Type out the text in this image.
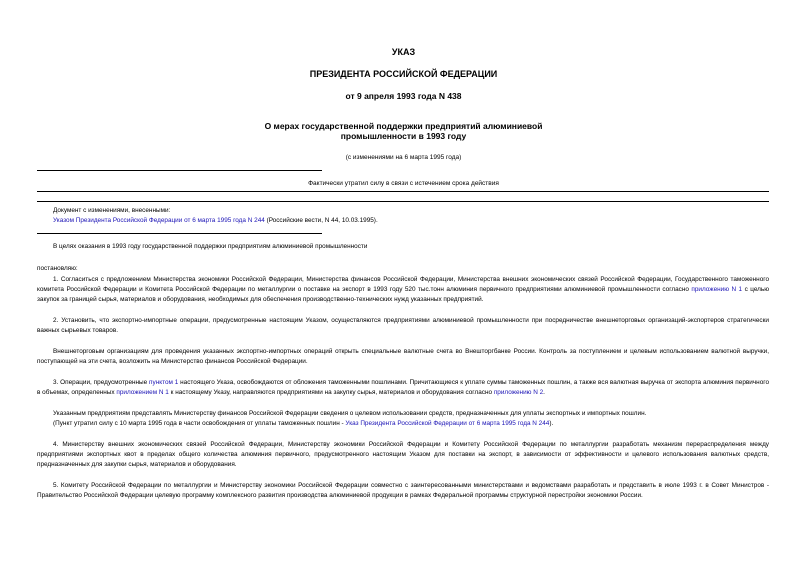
УКАЗ
ПРЕЗИДЕНТА РОССИЙСКОЙ ФЕДЕРАЦИИ
от 9 апреля 1993 года N 438
О мерах государственной поддержки предприятий алюминиевой
промышленности в 1993 году
(с изменениями на 6 марта 1995 года)
Фактически утратил силу в связи с истечением срока действия
Документ с изменениями, внесенными:
Указом Президента Российской Федерации от 6 марта 1995 года N 244 (Российские вести, N 44, 10.03.1995).
В целях оказания в 1993 году государственной поддержки предприятиям алюминиевой промышленности
постановляю:
1. Согласиться с предложением Министерства экономики Российской Федерации, Министерства финансов Российской Федерации, Министерства внешних экономических связей Российской Федерации, Государственного таможенного комитета Российской Федерации и Комитета Российской Федерации по металлургии о поставке на экспорт в 1993 году 520 тыс.тонн алюминия первичного предприятиями алюминиевой промышленности согласно приложению N 1 с целью закупок за границей сырья, материалов и оборудования, необходимых для обеспечения производственно-технических нужд указанных предприятий.
2. Установить, что экспортно-импортные операции, предусмотренные настоящим Указом, осуществляются предприятиями алюминиевой промышленности при посредничестве внешнеторговых организаций-экспортеров стратегически важных сырьевых товаров.
Внешнеторговым организациям для проведения указанных экспортно-импортных операций открыть специальные валютные счета во Внешторгбанке России. Контроль за поступлением и целевым использованием валютной выручки, поступающей на эти счета, возложить на Министерство финансов Российской Федерации.
3. Операции, предусмотренные пунктом 1 настоящего Указа, освобождаются от обложения таможенными пошлинами. Причитающиеся к уплате суммы таможенных пошлин, а также вся валютная выручка от экспорта алюминия первичного в объемах, определенных приложением N 1 к настоящему Указу, направляются предприятиями на закупку сырья, материалов и оборудования согласно приложению N 2.
Указанным предприятиям представлять Министерству финансов Российской Федерации сведения о целевом использовании средств, предназначенных для уплаты экспортных и импортных пошлин.
(Пункт утратил силу с 10 марта 1995 года в части освобождения от уплаты таможенных пошлин - Указ Президента Российской Федерации от 6 марта 1995 года N 244).
4. Министерству внешних экономических связей Российской Федерации, Министерству экономики Российской Федерации и Комитету Российской Федерации по металлургии разработать механизм перераспределения между предприятиями экспортных квот в пределах общего количества алюминия первичного, предусмотренного настоящим Указом для поставки на экспорт, в зависимости от эффективности и целевого использования валютных средств, предназначенных для закупки сырья, материалов и оборудования.
5. Комитету Российской Федерации по металлургии и Министерству экономики Российской Федерации совместно с заинтересованными министерствами и ведомствами разработать и представить в июле 1993 г. в Совет Министров - Правительство Российской Федерации целевую программу комплексного развития производства алюминиевой продукции в рамках Федеральной программы структурной перестройки экономики России.
